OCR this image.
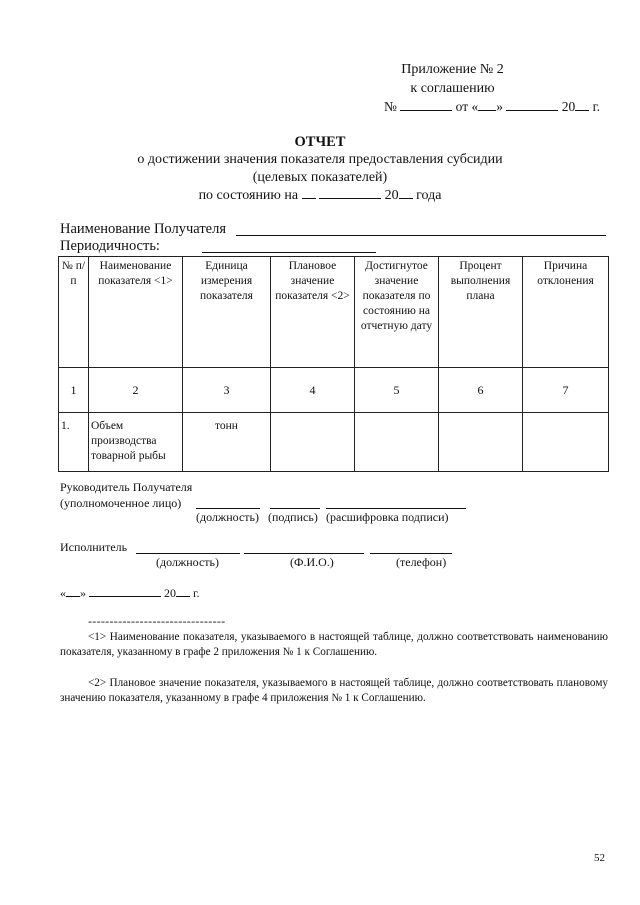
Приложение № 2
к соглашению
№	от « »	20 г.
ОТЧЕТ
о достижении значения показателя предоставления субсидии
(целевых показателей)
по состоянию на	20 года
Наименование Получателя
Периодичность:
№ п/п	Наименование показателя <1>	Единица измерения показателя	Плановое значение показателя <2>	Достигнутое значение показателя по состоянию на отчетную дату	Процент выполнения плана	Причина отклонения
1	2	3	4	5	6	7
1.	Объем производства товарной рыбы	тонн				
Руководитель Получателя
(уполномоченное лицо)
(должность) (подпись) (расшифровка подписи)
Исполнитель
(должность)	(Ф.И.О.)	(телефон)
« »	20 г.
--------------------------------
<1> Наименование показателя, указываемого в настоящей таблице, должно соответствовать наименованию показателя, указанному в графе 2 приложения № 1 к Соглашению.
<2> Плановое значение показателя, указываемого в настоящей таблице, должно соответствовать плановому значению показателя, указанному в графе 4 приложения № 1 к Соглашению.
52
